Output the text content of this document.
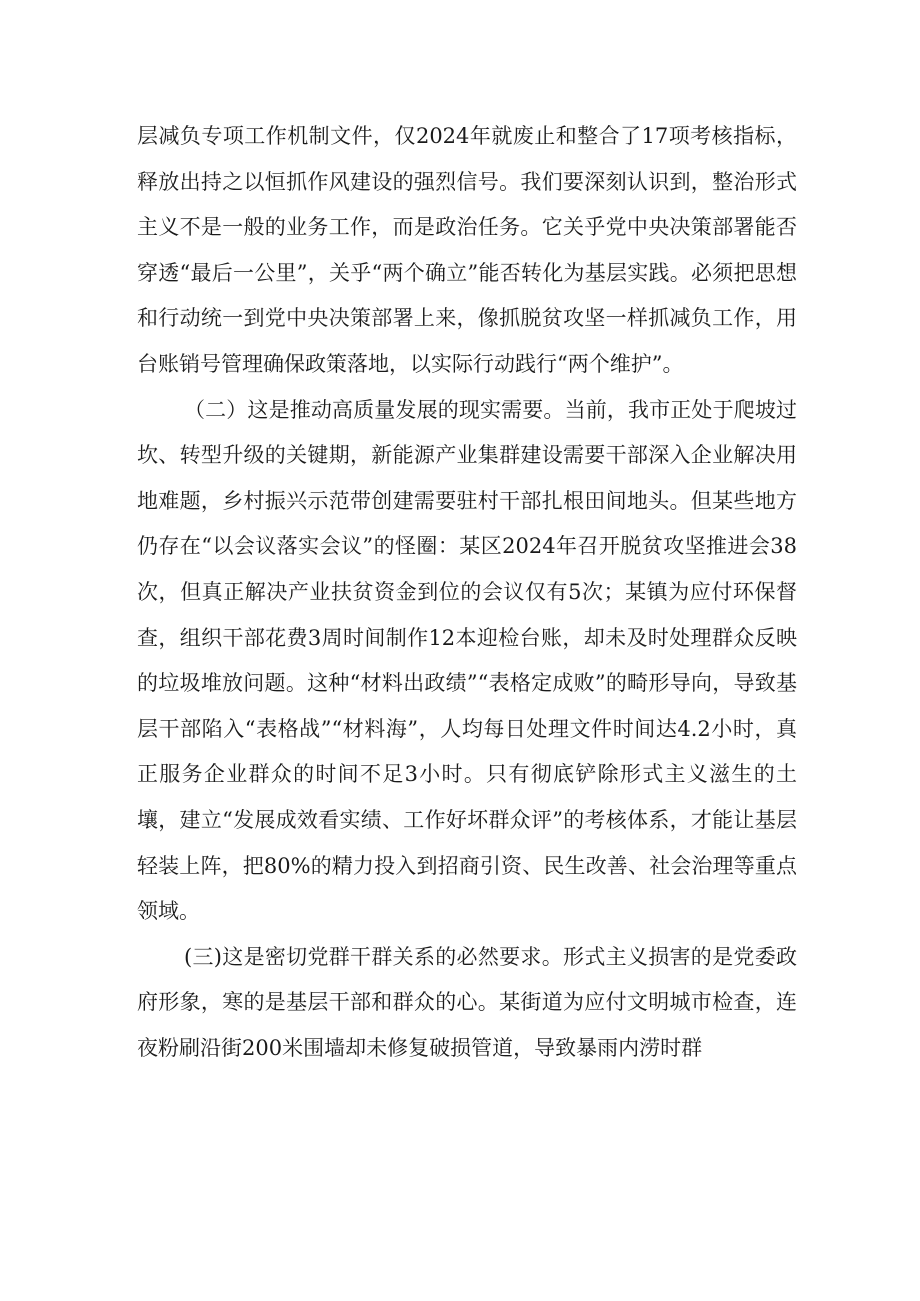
层减负专项工作机制文件，仅2024年就废止和整合了17项考核指标，释放出持之以恒抓作风建设的强烈信号。我们要深刻认识到，整治形式主义不是一般的业务工作，而是政治任务。它关乎党中央决策部署能否穿透“最后一公里”，关乎“两个确立”能否转化为基层实践。必须把思想和行动统一到党中央决策部署上来，像抓脱贫攻坚一样抓减负工作，用台账销号管理确保政策落地，以实际行动践行“两个维护”。

（二）这是推动高质量发展的现实需要。当前，我市正处于爬坡过坎、转型升级的关键期，新能源产业集群建设需要干部深入企业解决用地难题，乡村振兴示范带创建需要驻村干部扎根田间地头。但某些地方仍存在“以会议落实会议”的怪圈：某区2024年召开脱贫攻坚推进会38次，但真正解决产业扶贫资金到位的会议仅有5次；某镇为应付环保督查，组织干部花费3周时间制作12本迎检台账，却未及时处理群众反映的垃圾堆放问题。这种“材料出政绩”“表格定成败”的畸形导向，导致基层干部陷入“表格战”“材料海”，人均每日处理文件时间达4.2小时，真正服务企业群众的时间不足3小时。只有彻底铲除形式主义滋生的土壤，建立“发展成效看实绩、工作好坏群众评”的考核体系，才能让基层轻装上阵，把80%的精力投入到招商引资、民生改善、社会治理等重点领域。

(三)这是密切党群干群关系的必然要求。形式主义损害的是党委政府形象，寒的是基层干部和群众的心。某街道为应付文明城市检查，连夜粉刷沿街200米围墙却未修复破损管道，导致暴雨内涝时群
